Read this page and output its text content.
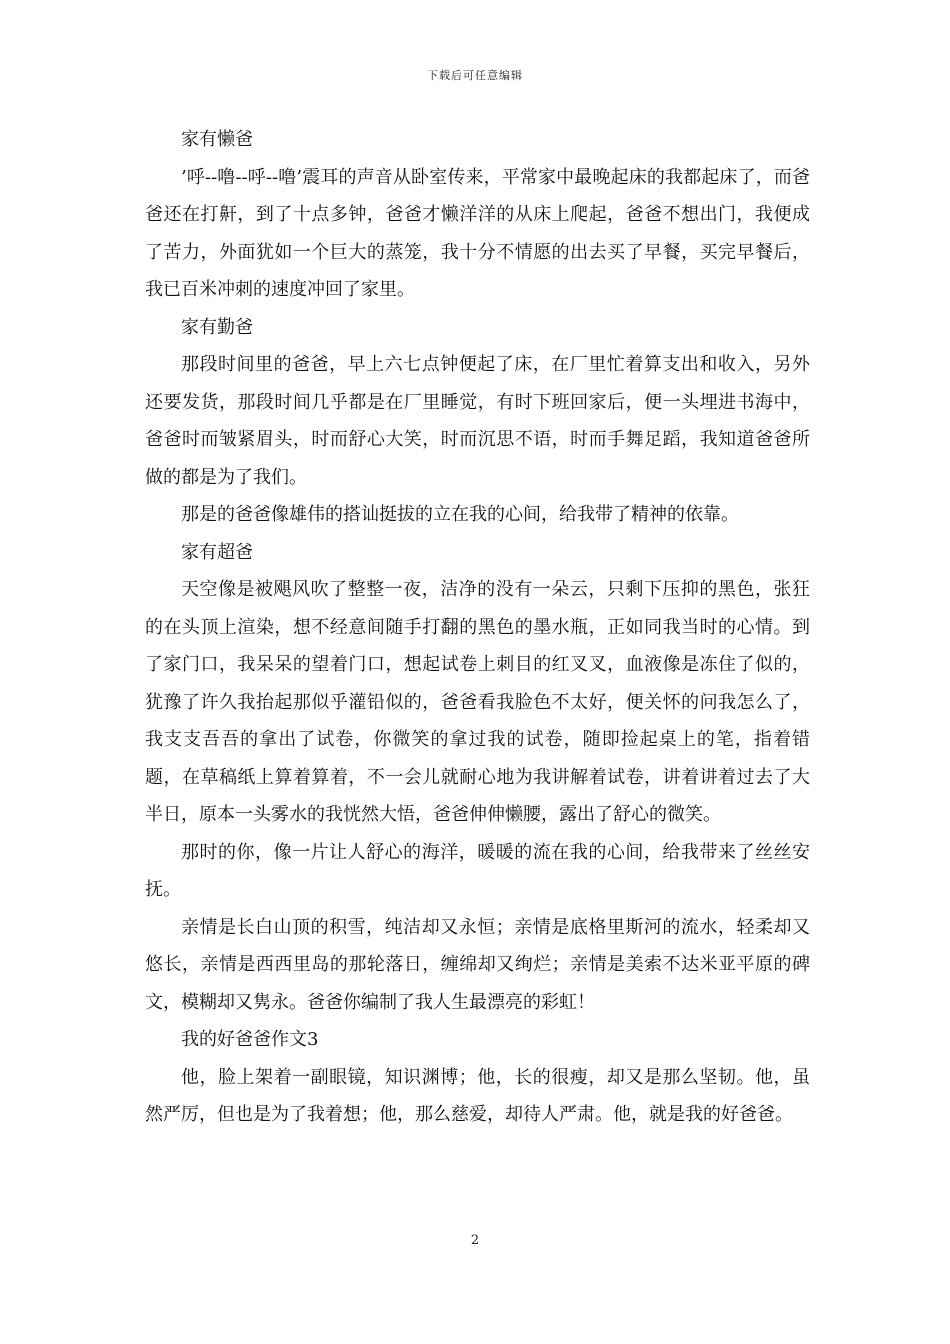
下载后可任意编辑

家有懒爸

’呼--噜--呼--噜’震耳的声音从卧室传来，平常家中最晚起床的我都起床了，而爸爸还在打鼾，到了十点多钟，爸爸才懒洋洋的从床上爬起，爸爸不想出门，我便成了苦力，外面犹如一个巨大的蒸笼，我十分不情愿的出去买了早餐，买完早餐后，我已百米冲刺的速度冲回了家里。

家有勤爸

那段时间里的爸爸，早上六七点钟便起了床，在厂里忙着算支出和收入，另外还要发货，那段时间几乎都是在厂里睡觉，有时下班回家后，便一头埋进书海中，爸爸时而皱紧眉头，时而舒心大笑，时而沉思不语，时而手舞足蹈，我知道爸爸所做的都是为了我们。

那是的爸爸像雄伟的搭讪挺拔的立在我的心间，给我带了精神的依靠。

家有超爸

天空像是被飓风吹了整整一夜，洁净的没有一朵云，只剩下压抑的黑色，张狂的在头顶上渲染，想不经意间随手打翻的黑色的墨水瓶，正如同我当时的心情。到了家门口，我呆呆的望着门口，想起试卷上刺目的红叉叉，血液像是冻住了似的，犹豫了许久我抬起那似乎灌铅似的，爸爸看我脸色不太好，便关怀的问我怎么了，我支支吾吾的拿出了试卷，你微笑的拿过我的试卷，随即捡起桌上的笔，指着错题，在草稿纸上算着算着，不一会儿就耐心地为我讲解着试卷，讲着讲着过去了大半日，原本一头雾水的我恍然大悟，爸爸伸伸懒腰，露出了舒心的微笑。

那时的你，像一片让人舒心的海洋，暖暖的流在我的心间，给我带来了丝丝安抚。

亲情是长白山顶的积雪，纯洁却又永恒；亲情是底格里斯河的流水，轻柔却又悠长，亲情是西西里岛的那轮落日，缠绵却又绚烂；亲情是美索不达米亚平原的碑文，模糊却又隽永。爸爸你编制了我人生最漂亮的彩虹！

我的好爸爸作文3

他，脸上架着一副眼镜，知识渊博；他，长的很瘦，却又是那么坚韧。他，虽然严厉，但也是为了我着想；他，那么慈爱，却待人严肃。他，就是我的好爸爸。

2
